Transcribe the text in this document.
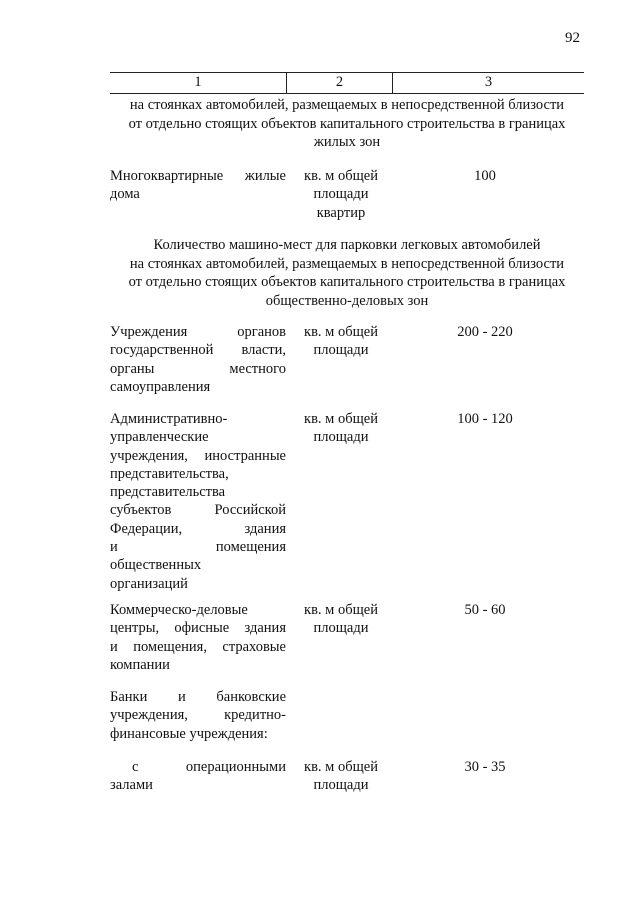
92
1	2	3
на стоянках автомобилей, размещаемых в непосредственной близости
от отдельно стоящих объектов капитального строительства в границах
жилых зон
Многоквартирные жилые
дома
кв. м общей
площади
квартир
100
Количество машино-мест для парковки легковых автомобилей
на стоянках автомобилей, размещаемых в непосредственной близости
от отдельно стоящих объектов капитального строительства в границах
общественно-деловых зон
Учреждения органов
государственной власти,
органы местного
самоуправления
кв. м общей
площади
200 - 220
Административно-
управленческие
учреждения, иностранные
представительства,
представительства
субъектов Российской
Федерации, здания
и помещения
общественных
организаций
кв. м общей
площади
100 - 120
Коммерческо-деловые
центры, офисные здания
и помещения, страховые
компании
кв. м общей
площади
50 - 60
Банки и банковские
учреждения, кредитно-
финансовые учреждения:
с операционными
залами
кв. м общей
площади
30 - 35
